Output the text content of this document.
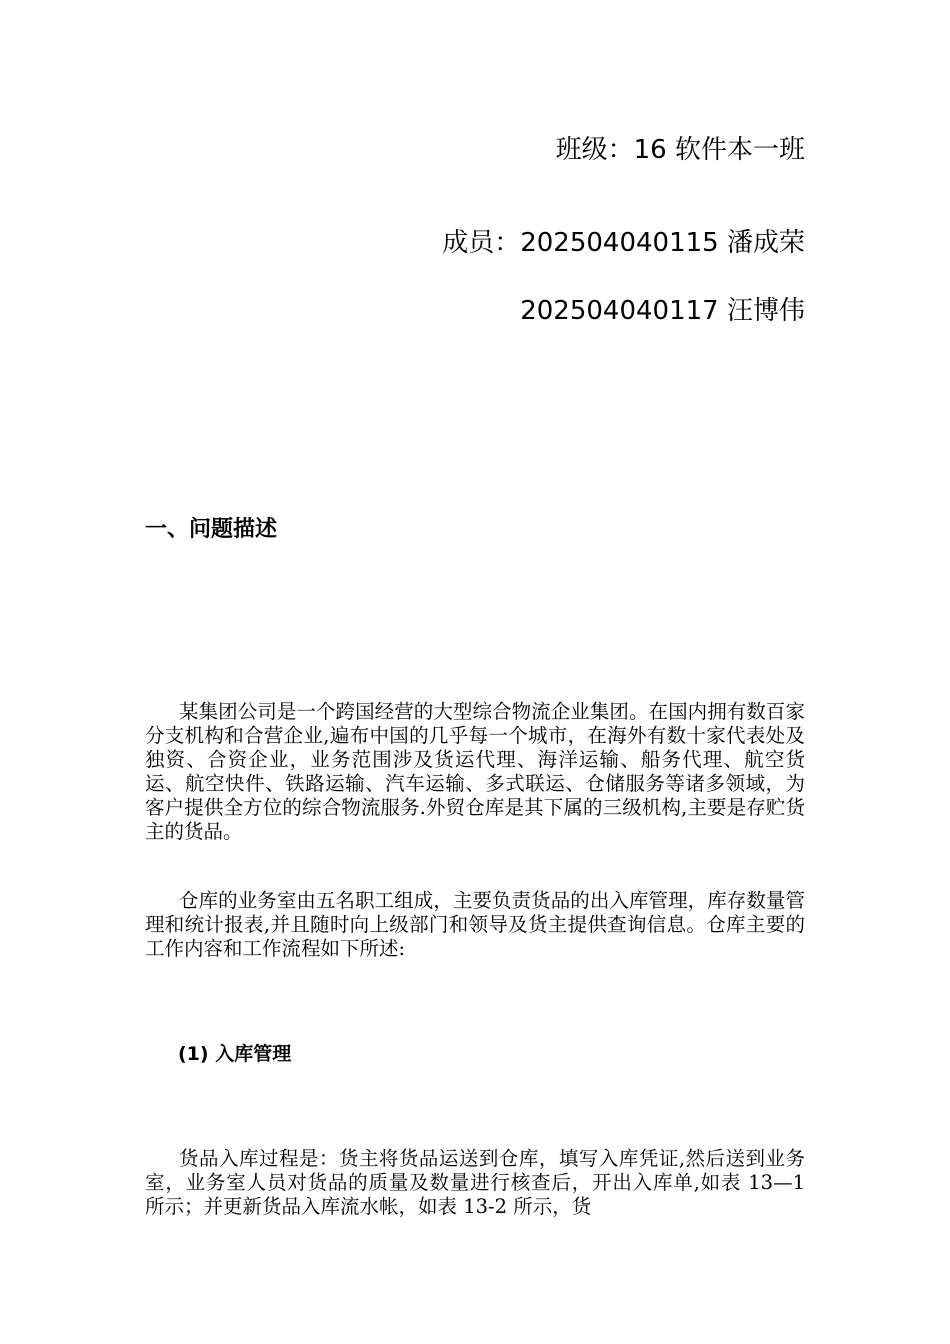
班级：16 软件本一班
成员：202504040115 潘成荣
202504040117 汪博伟
一、问题描述

某集团公司是一个跨国经营的大型综合物流企业集团。在国内拥有数百家分支机构和合营企业,遍布中国的几乎每一个城市，在海外有数十家代表处及独资、合资企业，业务范围涉及货运代理、海洋运输、船务代理、航空货运、航空快件、铁路运输、汽车运输、多式联运、仓储服务等诸多领域，为客户提供全方位的综合物流服务.外贸仓库是其下属的三级机构,主要是存贮货主的货品。

仓库的业务室由五名职工组成，主要负责货品的出入库管理，库存数量管理和统计报表,并且随时向上级部门和领导及货主提供查询信息。仓库主要的工作内容和工作流程如下所述:

(1) 入库管理

货品入库过程是：货主将货品运送到仓库，填写入库凭证,然后送到业务室，业务室人员对货品的质量及数量进行核查后，开出入库单,如表 13—1 所示；并更新货品入库流水帐，如表 13-2 所示，货
